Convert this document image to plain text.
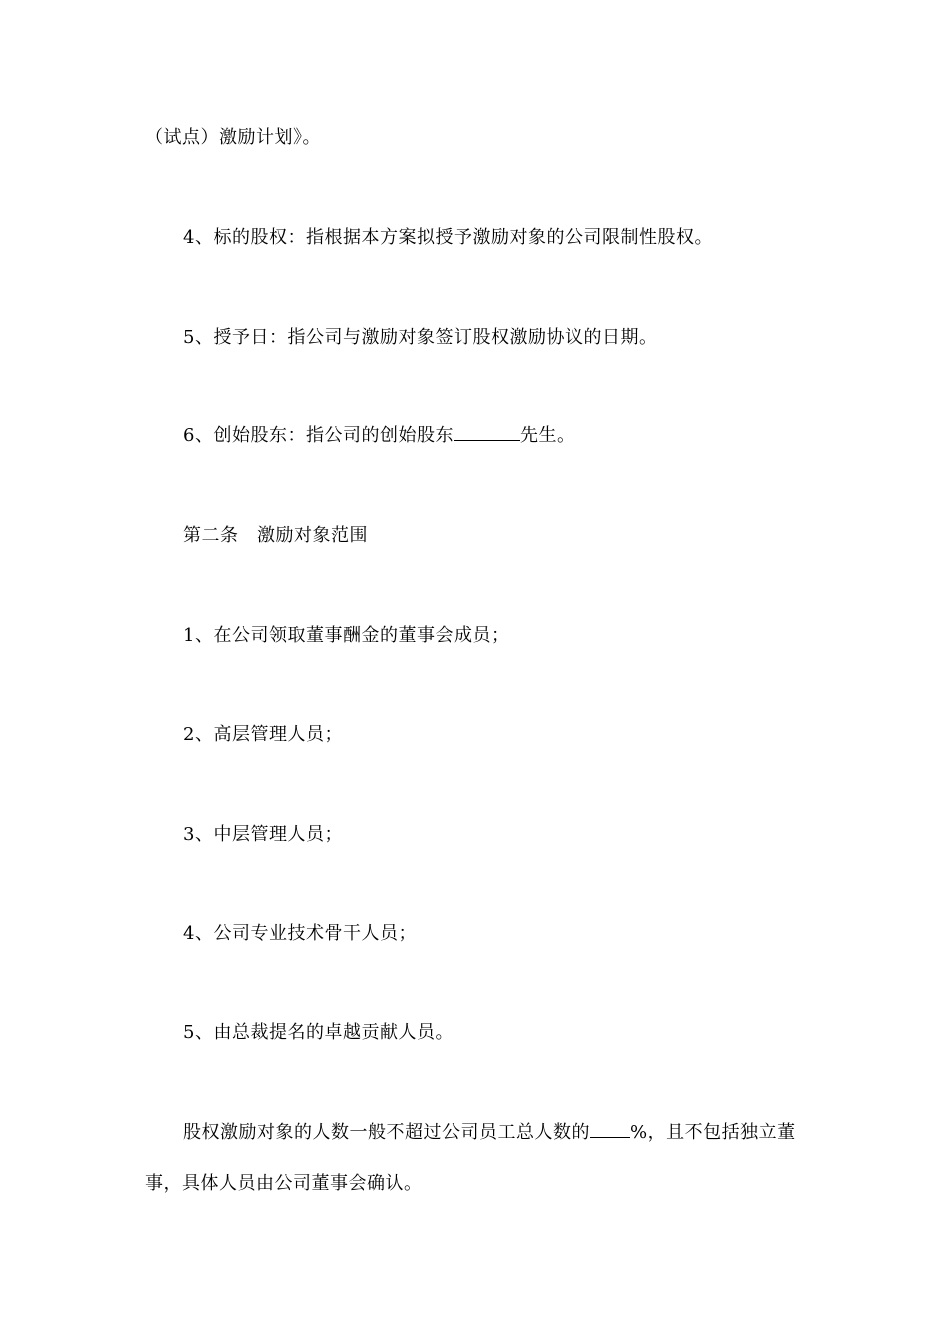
（试点）激励计划》。
4、标的股权：指根据本方案拟授予激励对象的公司限制性股权。
5、授予日：指公司与激励对象签订股权激励协议的日期。
6、创始股东：指公司的创始股东	先生。
第二条　激励对象范围
1、在公司领取董事酬金的董事会成员；
2、高层管理人员；
3、中层管理人员；
4、公司专业技术骨干人员；
5、由总裁提名的卓越贡献人员。
股权激励对象的人数一般不超过公司员工总人数的 %，且不包括独立董
事，具体人员由公司董事会确认。
